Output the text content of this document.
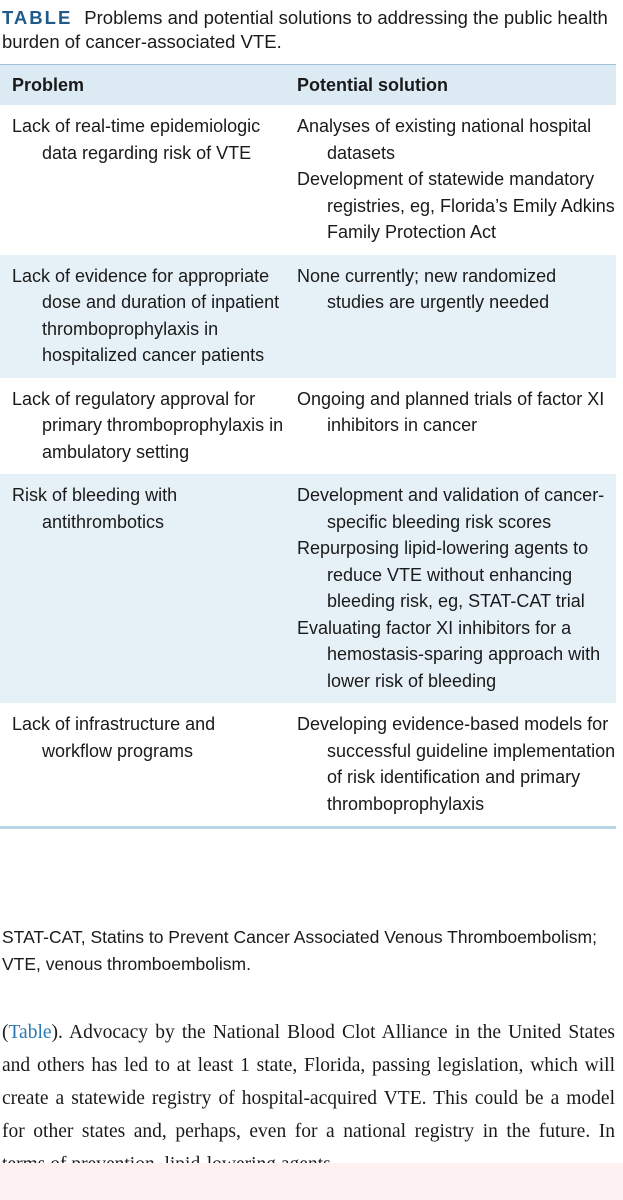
TABLE Problems and potential solutions to addressing the public health burden of cancer-associated VTE.
Problem	Potential solution

Lack of real-time epidemiologic data regarding risk of VTE	Analyses of existing national hospital datasets
Development of statewide mandatory registries, eg, Florida’s Emily Adkins Family Protection Act

Lack of evidence for appropriate dose and duration of inpatient thromboprophylaxis in hospitalized cancer patients	None currently; new randomized studies are urgently needed

Lack of regulatory approval for primary thromboprophylaxis in ambulatory setting	Ongoing and planned trials of factor XI inhibitors in cancer

Risk of bleeding with antithrombotics	Development and validation of cancer-specific bleeding risk scores
Repurposing lipid-lowering agents to reduce VTE without enhancing bleeding risk, eg, STAT-CAT trial
Evaluating factor XI inhibitors for a hemostasis-sparing approach with lower risk of bleeding

Lack of infrastructure and workflow programs	Developing evidence-based models for successful guideline implementation of risk identification and primary thromboprophylaxis
STAT-CAT, Statins to Prevent Cancer Associated Venous Thromboembolism; VTE, venous thromboembolism.
(Table). Advocacy by the National Blood Clot Alliance in the United States and others has led to at least 1 state, Florida, passing legislation, which will create a statewide registry of hospital-acquired VTE. This could be a model for other states and, perhaps, even for a national registry in the future. In
